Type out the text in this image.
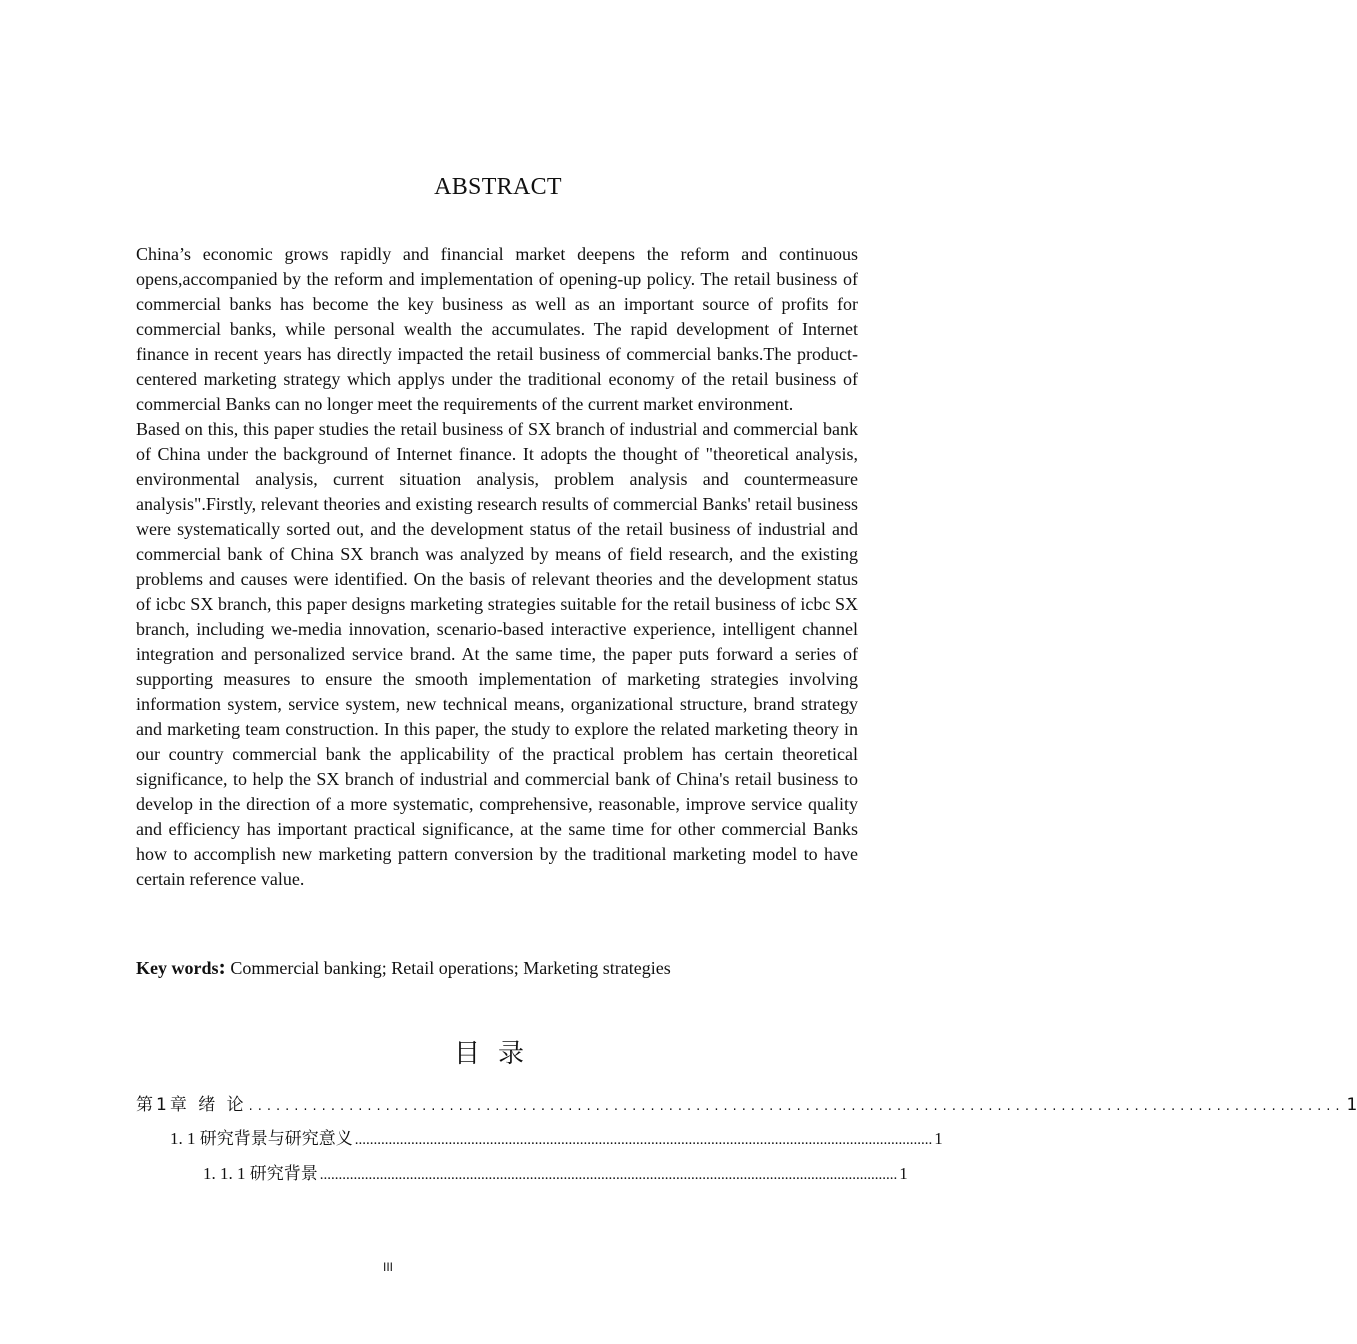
ABSTRACT

China’s economic grows rapidly and financial market deepens the reform and continuous opens,accompanied by the reform and implementation of opening-up policy. The retail business of commercial banks has become the key business as well as an important source of profits for commercial banks, while personal wealth the accumulates. The rapid development of Internet finance in recent years has directly impacted the retail business of commercial banks.The product-centered marketing strategy which applys under the traditional economy of the retail business of commercial Banks can no longer meet the requirements of the current market environment.

Based on this, this paper studies the retail business of SX branch of industrial and commercial bank of China under the background of Internet finance. It adopts the thought of "theoretical analysis, environmental analysis, current situation analysis, problem analysis and countermeasure analysis".Firstly, relevant theories and existing research results of commercial Banks' retail business were systematically sorted out, and the development status of the retail business of industrial and commercial bank of China SX branch was analyzed by means of field research, and the existing problems and causes were identified. On the basis of relevant theories and the development status of icbc SX branch, this paper designs marketing strategies suitable for the retail business of icbc SX branch, including we-media innovation, scenario-based interactive experience, intelligent channel integration and personalized service brand. At the same time, the paper puts forward a series of supporting measures to ensure the smooth implementation of marketing strategies involving information system, service system, new technical means, organizational structure, brand strategy and marketing team construction. In this paper, the study to explore the related marketing theory in our country commercial bank the applicability of the practical problem has certain theoretical significance, to help the SX branch of industrial and commercial bank of China's retail business to develop in the direction of a more systematic, comprehensive, reasonable, improve service quality and efficiency has important practical significance, at the same time for other commercial Banks how to accomplish new marketing pattern conversion by the traditional marketing model to have certain reference value.

Key words: Commercial banking; Retail operations; Marketing strategies

目录
第1章 绪 论 ........................................................................................................................ 1
1. 1 研究背景与研究意义 .......................................................................................................................................................... 1
1. 1. 1 研究背景 .......................................................................................................................................................... 1
III
